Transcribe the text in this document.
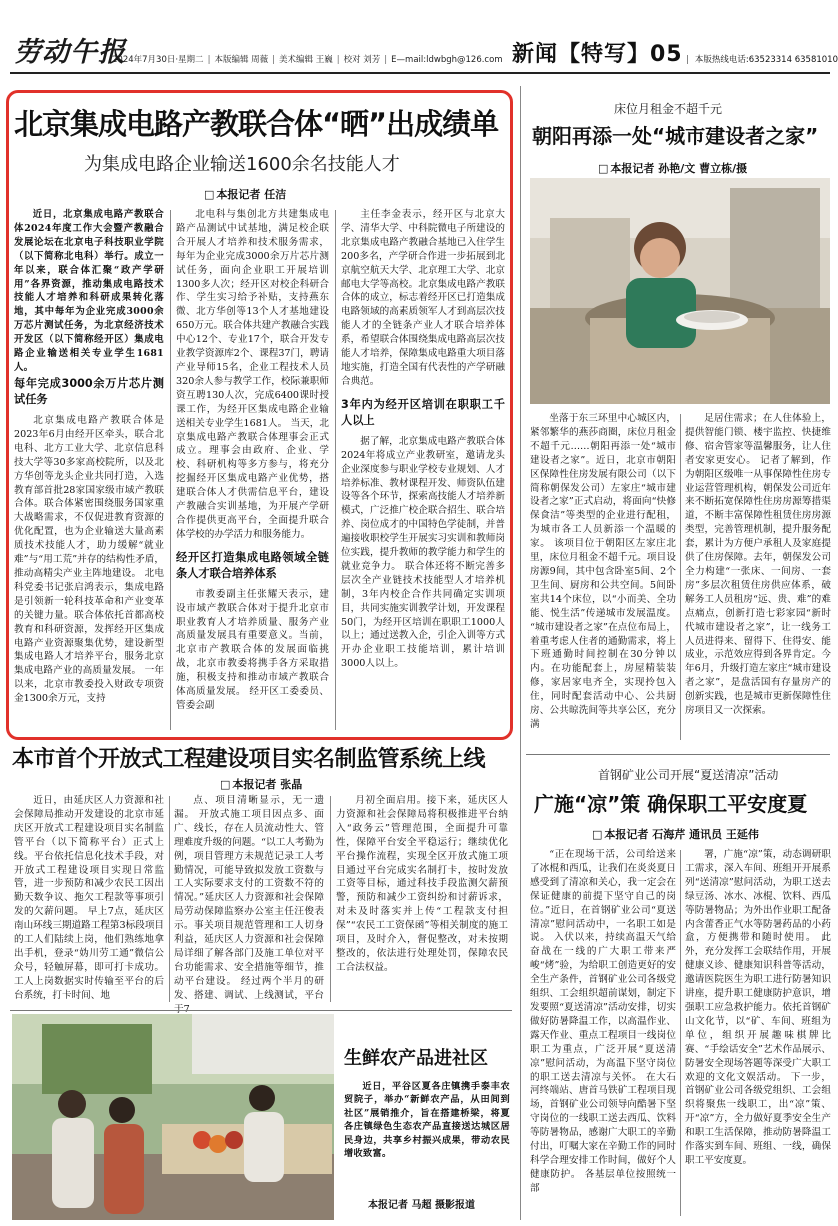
劳动午报
2024年7月30日·星期二 | 本版编辑 周薇 | 美术编辑 王巍 | 校对 刘芳 | E—mail:ldwbgh@126.com 新闻【特写】05 | 本版热线电话:63523314 63581010
北京集成电路产教联合体“晒”出成绩单
为集成电路企业输送1600余名技能人才
□ 本报记者 任洁

近日，北京集成电路产教联合体2024年度工作大会暨产教融合发展论坛在北京电子科技职业学院（以下简称北电科）举行。成立一年以来，联合体汇聚“政产学研用”各界资源，推动集成电路技术技能人才培养和科研成果转化落地，其中每年为企业完成3000余万芯片测试任务，为北京经济技术开发区（以下简称经开区）集成电路企业输送相关专业学生1681人。

每年完成3000余万片芯片测试任务

北京集成电路产教联合体是2023年6月由经开区牵头，联合北电科、北方工业大学、北京信息科技大学等30多家高校院所，以及北方华创等龙头企业共同打造，入选教育部首批28家国家级市域产教联合体。联合体紧密围绕服务国家重大战略需求，不仅促进教育资源的优化配置，也为企业输送大量高素质技术技能人才，助力缓解“就业难”与“用工荒”并存的结构性矛盾，推动高精尖产业主阵地建设。 北电科党委书记张启鸿表示，集成电路是引领新一轮科技革命和产业变革的关键力量。联合体依托首都高校教育和科研资源，发挥经开区集成电路产业资源聚集优势，建设新型集成电路人才培养平台，服务北京集成电路产业的高质量发展。 一年以来，北京市教委投入财政专项资金1300余万元，支持

北电科与集创北方共建集成电路产品测试中试基地，满足校企联合开展人才培养和技术服务需求，每年为企业完成3000余万片芯片测试任务，面向企业职工开展培训1300多人次；经开区对校企科研合作、学生实习给予补贴，支持燕东微、北方华创等13个人才基地建设650万元。联合体共建产教融合实践中心12个、专业17个，联合开发专业教学资源库2个、课程37门，聘请产业导师15名，企业工程技术人员320余人参与教学工作，校际兼职师资互聘130人次，完成6400课时授课工作，为经开区集成电路企业输送相关专业学生1681人。 当天，北京集成电路产教联合体理事会正式成立。理事会由政府、企业、学校、科研机构等多方参与，将充分挖掘经开区集成电路产业优势，搭建联合体人才供需信息平台，建设产教融合实训基地，为开展产学研合作提供更高平台，全面提升联合体学校的办学活力和服务能力。

经开区打造集成电路领域全链条人才联合培养体系

市教委副主任张耀天表示，建设市域产教联合体对于提升北京市职业教育人才培养质量、服务产业高质量发展具有重要意义。当前，北京市产教联合体的发展面临挑战，北京市教委将携手各方采取措施，积极支持和推动市域产教联合体高质量发展。 经开区工委委员、管委会副

主任李金表示，经开区与北京大学、清华大学、中科院微电子所建设的北京集成电路产教融合基地已入住学生200多名，产学研合作进一步拓展到北京航空航天大学、北京理工大学、北京邮电大学等高校。北京集成电路产教联合体的成立，标志着经开区已打造集成电路领域的高素质领军人才到高层次技能人才的全链条产业人才联合培养体系，希望联合体围绕集成电路高层次技能人才培养，保障集成电路重大项目落地实施，打造全国有代表性的产学研融合典范。

3年内为经开区培训在职职工千人以上

据了解，北京集成电路产教联合体2024年将成立产业教研室，邀请龙头企业深度参与职业学校专业规划、人才培养标准、教材课程开发、师资队伍建设等各个环节，探索高技能人才培养新模式，广泛推广校企联合招生、联合培养、岗位成才的中国特色学徒制，并普遍接收职校学生开展实习实训和教师岗位实践，提升教师的教学能力和学生的就业竞争力。 联合体还将不断完善多层次全产业链技术技能型人才培养机制，3年内校企合作共同确定实训项目，共同实施实训教学计划，开发课程50门，为经开区培训在职职工1000人以上；通过送教入企，引企入训等方式开办企业职工技能培训，累计培训3000人以上。

床位月租金不超千元
朝阳再添一处“城市建设者之家”
□ 本报记者 孙艳/文 曹立栋/摄

坐落于东三环里中心城区内，紧邻繁华的燕莎商圈，床位月租金不超千元……朝阳再添一处“城市建设者之家”。近日，北京市朝阳区保障性住房发展有限公司（以下简称朝保发公司）左家庄“城市建设者之家”正式启动，将面向“快修保食洁”等类型的企业进行配租，为城市各工人员新添一个温暖的家。 该项目位于朝阳区左家庄北里，床位月租金不超千元。项目设房源9间，其中包含卧室5间、2个卫生间、厨房和公共空间。5间卧室共14个床位，以“小而美、全功能、悦生活”传递城市发展温度。 “城市建设者之家”在点位布局上，着重考虑人住者的通勤需求，将上下班通勤时间控制在30分钟以内。在功能配套上，房屋精装装修，家居家电齐全，实现拎包入住，同时配套活动中心、公共厨房、公共晾洗间等共享公区，充分满

足居住需求；在人住体验上，提供智能门锁、楼宇监控、快捷维修、宿舍管家等温馨服务，让人住者安家更安心。 记者了解到，作为朝阳区级唯一从事保障性住房专业运营管理机构，朝保发公司近年来不断拓宽保障性住房房源筹措渠道，不断丰富保障性租赁住房房源类型，完善管理机制，提升服务配套，累计为方便户承租人及家庭提供了住房保障。去年，朝保发公司全力构建“一张床、一间房、一套房”多层次租赁住房供应体系，破解务工人员租房“远、贵、难”的难点痛点，创新打造七彩家园“新时代城市建设者之家”，让一线务工人员进得来、留得下、住得安、能成业，示范效应得到各界肯定。今年6月，升级打造左家庄“城市建设者之家”，是盘活国有存量房产的创新实践，也是城市更新保障性住房项目又一次探索。

本市首个开放式工程建设项目实名制监管系统上线
□ 本报记者 张晶

近日，由延庆区人力资源和社会保障局推动开发建设的北京市延庆区开放式工程建设项目实名制监管平台（以下简称平台）正式上线。平台依托信息化技术手段，对开放式工程建设项目实现日常监管，进一步预防和减少农民工因出勤天数争议、拖欠工程款等事项引发的欠薪问题。 早上7点，延庆区南山环线三期道路工程第3标段项目的工人们陆续上岗，他们熟练地拿出手机，登录“妫川劳工通”微信公众号，轻触屏幕，即可打卡成功。工人上岗数据实时传输至平台的后台系统，打卡时间、地

点、项目清晰显示，无一遗漏。 开放式施工项目因点多、面广、线长，存在人员流动性大、管理难度升级的问题。“以工人考勤为例，项目管理方未规范记录工人考勤情况，可能导致拟发放工资数与工人实际要求支付的工资数不符的情况。”延庆区人力资源和社会保障局劳动保障监察办公室主任汪俊表示。事关项目规范管理和工人切身利益，延庆区人力资源和社会保障局详细了解各部门及施工单位对平台功能需求、安全措施等细节，推动平台建设。 经过两个半月的研发、搭建、调试、上线测试，平台

月初全面启用。接下来，延庆区人力资源和社会保障局将积极推进平台纳入“政务云”管理范围，全面提升可靠性，保障平台安全平稳运行；继续优化平台操作流程，实现全区开放式施工项目通过平台完成实名制打卡，按时发放工资等目标，通过科技手段监测欠薪预警，预防和减少工资纠纷和讨薪诉求，对未及时落实并上传“工程款支付担保”“农民工工资保函”等相关制度的施工项目，及时介入，督促整改，对未按期整改的，依法进行处理处罚，保障农民工合法权益。

首钢矿业公司开展“夏送清凉”活动
广施“凉”策 确保职工平安度夏
□ 本报记者 石海芹 通讯员 王延伟

“正在现场干活，公司给送来了冰棍和西瓜，让我们在炎炎夏日感受到了清凉和关心，我一定会在保证健康的前提下坚守自己的岗位。”近日，在首钢矿业公司“夏送清凉”慰问活动中，一名职工如是说。 入伏以来，持续高温天气给奋战在一线的广大职工带来严峻“烤”验，为给职工创造更好的安全生产条件，首钢矿业公司各级党组织、工会组织超前谋划，制定下发要照“夏送清凉”活动安排，切实做好防暑降温工作，以高温作业、露天作业、重点工程项目一线岗位职工为重点，广泛开展“夏送清凉”慰问活动，为高温下坚守岗位的职工送去清凉与关怀。 在大石河终端站、唐首马铁矿工程项目现场，首钢矿业公司领导向酷暑下坚守岗位的一线职工送去西瓜、饮料等防暑物品，感谢广大职工的辛勤付出，叮嘱大家在辛勤工作的同时科学合理安排工作时间，做好个人健康防护。 各基层单位按照统一部

署，广施“凉”策，动态调研职工需求，深入车间、班组开开展系列“送清凉”慰问活动，为职工送去绿豆汤、冰水、冰棍、饮料、西瓜等防暑物品；为外出作业职工配备内含蕾香正气水等防暑药品的小药盒，方便携带和随时使用。 此外，充分发挥工会联结作用，开展健康义诊、健康知识科普等活动，邀请医院医生为职工进行防暑知识讲座，提升职工健康防护意识，增强职工应急救护能力。依托首钢矿山文化节，以“矿、车间、班组为单位，组织开展趣味棋牌比赛、“手绘话安全”艺术作品展示、防暑安全现场答题等深受广大职工欢迎的文化文娱活动。 下一步，首钢矿业公司各级党组织、工会组织将聚焦一线职工，出“凉”策、开“凉”方，全力做好夏季安全生产和职工生活保障，推动防暑降温工作落实到车间、班组、一线，确保职工平安度夏。

生鲜农产品进社区

近日，平谷区夏各庄镇携手泰丰农贸院子，举办“新鲜农产品，从田间到社区”展销推介，旨在搭建桥梁，将夏各庄镇绿色生态农产品直接送达城区居民身边，共享乡村振兴成果，带动农民增收致富。

本报记者 马超 摄影报道
